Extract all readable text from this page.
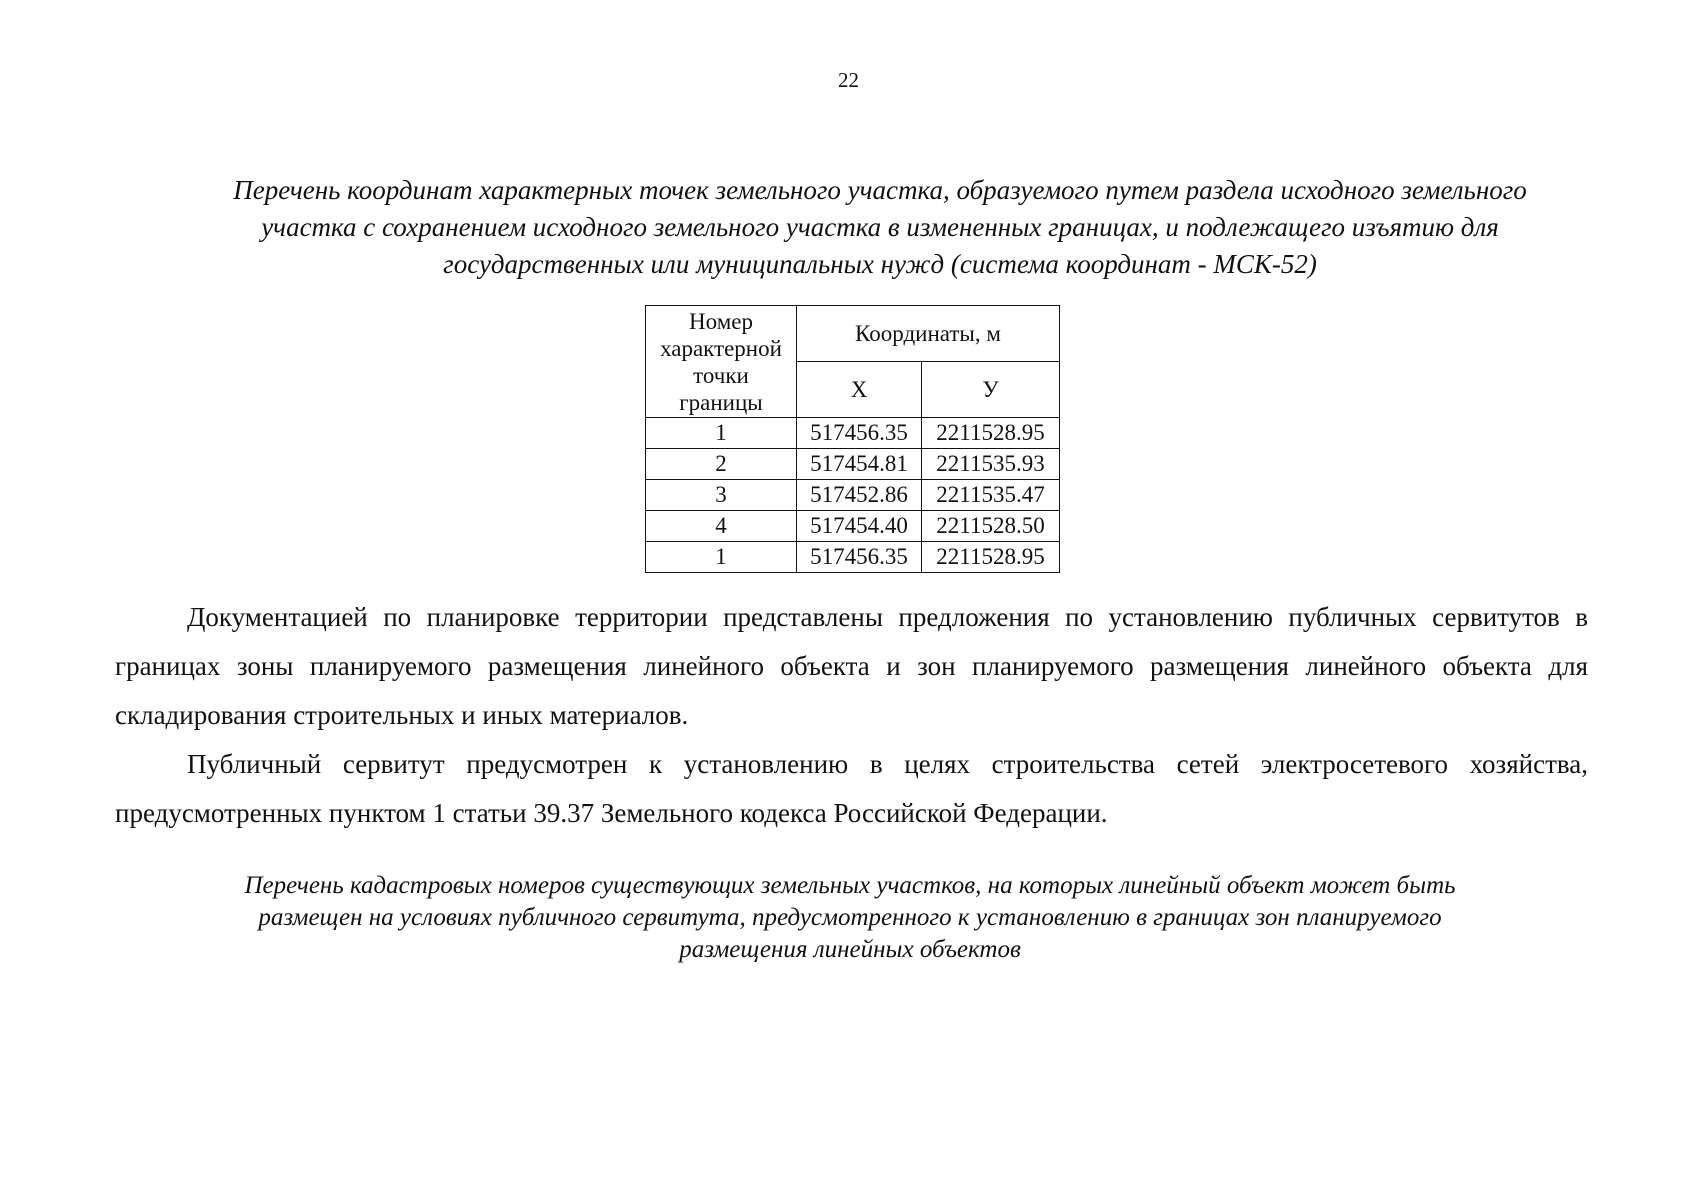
22
Перечень координат характерных точек земельного участка, образуемого путем раздела исходного земельного
участка с сохранением исходного земельного участка в измененных границах, и подлежащего изъятию для
государственных или муниципальных нужд (система координат - МСК-52)
Номер характерной точки границы	Координаты, м	
	Х	У
1	517456.35	2211528.95
2	517454.81	2211535.93
3	517452.86	2211535.47
4	517454.40	2211528.50
1	517456.35	2211528.95

Документацией по планировке территории представлены предложения по установлению публичных сервитутов в границах зоны планируемого размещения линейного объекта и зон планируемого размещения линейного объекта для складирования строительных и иных материалов.

Публичный сервитут предусмотрен к установлению в целях строительства сетей электросетевого хозяйства, предусмотренных пунктом 1 статьи 39.37 Земельного кодекса Российской Федерации.

Перечень кадастровых номеров существующих земельных участков, на которых линейный объект может быть
размещен на условиях публичного сервитута, предусмотренного к установлению в границах зон планируемого
размещения линейных объектов
